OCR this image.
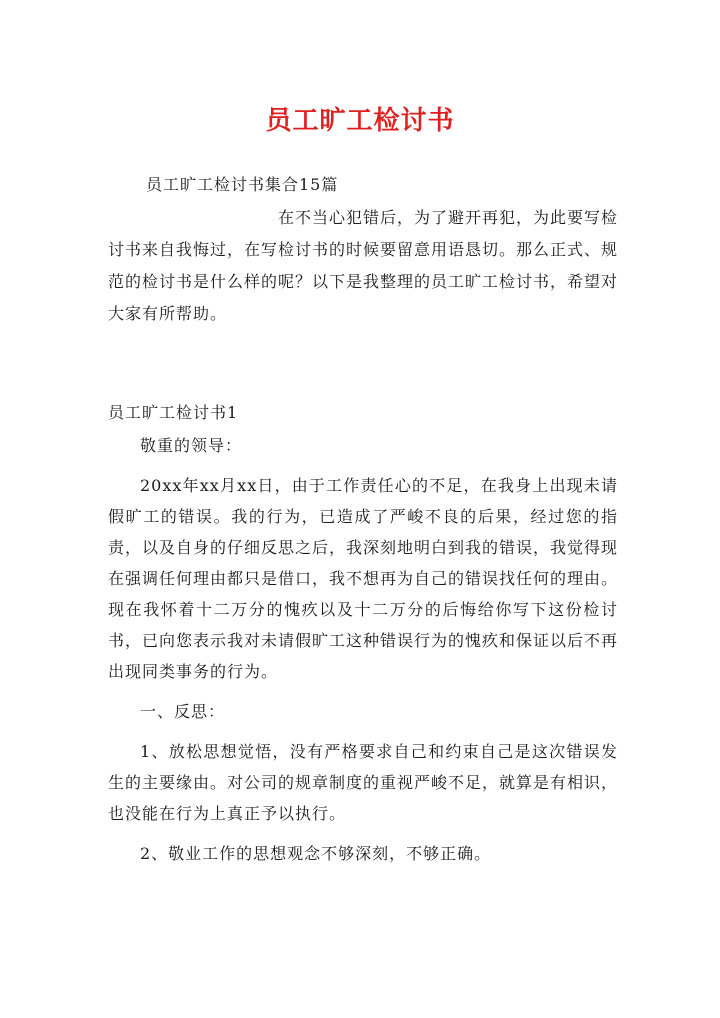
员工旷工检讨书
员工旷工检讨书集合15篇
在不当心犯错后，为了避开再犯，为此要写检
讨书来自我悔过，在写检讨书的时候要留意用语恳切。那么正式、规范的检讨书是什么样的呢？以下是我整理的员工旷工检讨书，希望对大家有所帮助。
员工旷工检讨书1

敬重的领导：

20xx年xx月xx日，由于工作责任心的不足，在我身上出现未请假旷工的错误。我的行为，已造成了严峻不良的后果，经过您的指责，以及自身的仔细反思之后，我深刻地明白到我的错误，我觉得现在强调任何理由都只是借口，我不想再为自己的错误找任何的理由。现在我怀着十二万分的愧疚以及十二万分的后悔给你写下这份检讨书，已向您表示我对未请假旷工这种错误行为的愧疚和保证以后不再出现同类事务的行为。

一、反思：

1、放松思想觉悟，没有严格要求自己和约束自己是这次错误发生的主要缘由。对公司的规章制度的重视严峻不足，就算是有相识，也没能在行为上真正予以执行。

2、敬业工作的思想观念不够深刻，不够正确。
